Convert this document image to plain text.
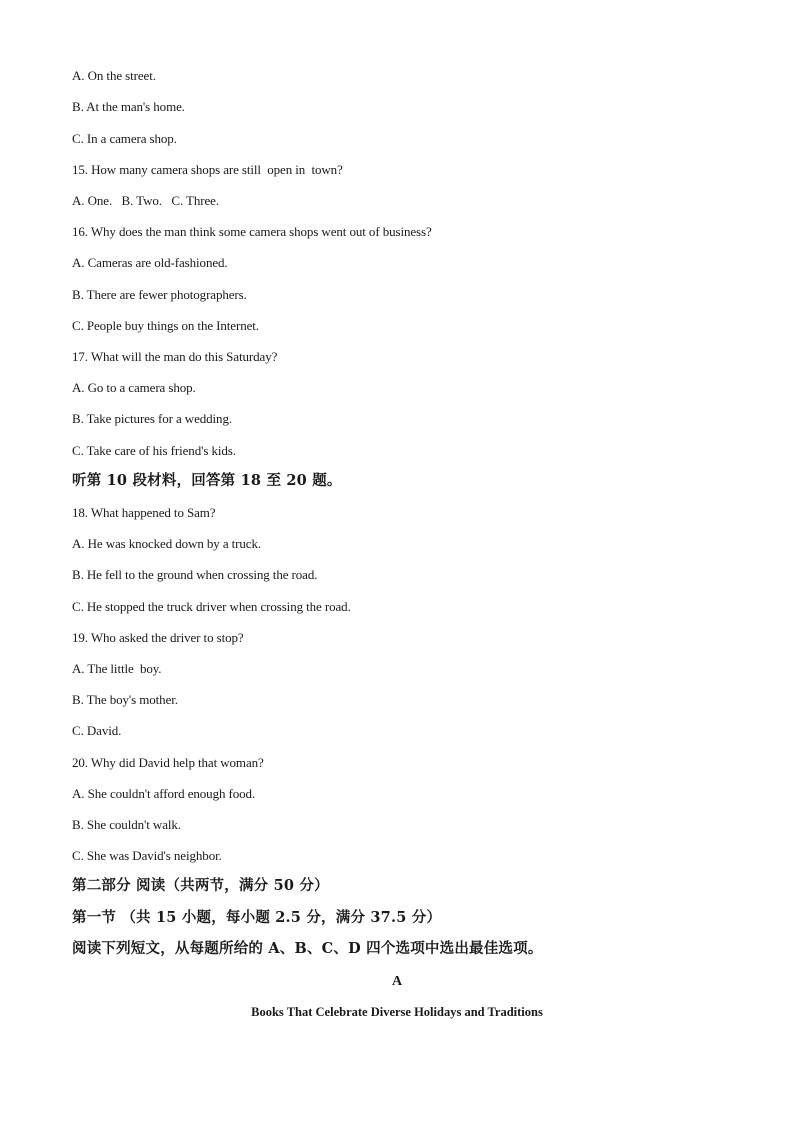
A. On the street.
B. At the man's home.
C. In a camera shop.
15. How many camera shops are still  open in  town?
A. One.   B. Two.   C. Three.
16. Why does the man think some camera shops went out of business?
A. Cameras are old-fashioned.
B. There are fewer photographers.
C. People buy things on the Internet.
17. What will the man do this Saturday?
A. Go to a camera shop.
B. Take pictures for a wedding.
C. Take care of his friend's kids.
听第 10 段材料，回答第 18 至 20 题。
18. What happened to Sam?
A. He was knocked down by a truck.
B. He fell to the ground when crossing the road.
C. He stopped the truck driver when crossing the road.
19. Who asked the driver to stop?
A. The little  boy.
B. The boy's mother.
C. David.
20. Why did David help that woman?
A. She couldn't afford enough food.
B. She couldn't walk.
C. She was David's neighbor.
第二部分 阅读（共两节，满分 50 分）
第一节 （共 15 小题，每小题 2.5 分，满分 37.5 分）
阅读下列短文，从每题所给的 A、B、C、D 四个选项中选出最佳选项。
A
Books That Celebrate Diverse Holidays and Traditions
